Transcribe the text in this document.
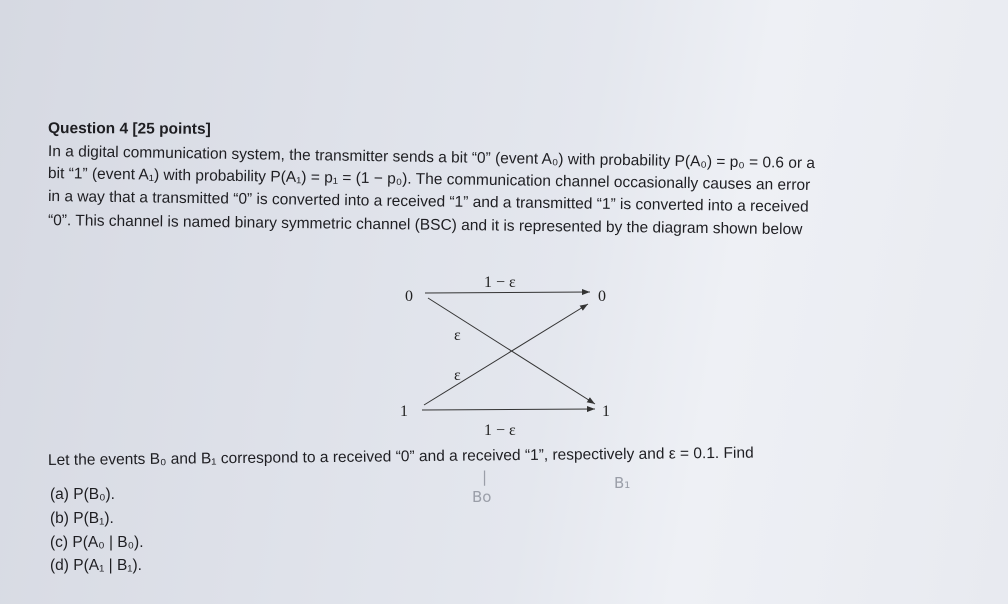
Question 4 [25 points]
In a digital communication system, the transmitter sends a bit “0” (event A₀) with probability P(A₀) = p₀ = 0.6 or a
bit “1” (event A₁) with probability P(A₁) = p₁ = (1 − p₀). The communication channel occasionally causes an error
in a way that a transmitted “0” is converted into a received “1” and a transmitted “1” is converted into a received
“0”. This channel is named binary symmetric channel (BSC) and it is represented by the diagram shown below
0	0
1	1
1 − ε
1 − ε
ε
ε
Let the events B₀ and B₁ correspond to a received “0” and a received “1”, respectively and ε = 0.1. Find
(a) P(B₀).
(b) P(B₁).
(c) P(A₀ | B₀).
(d) P(A₁ | B₁).
|
Bo
B₁
